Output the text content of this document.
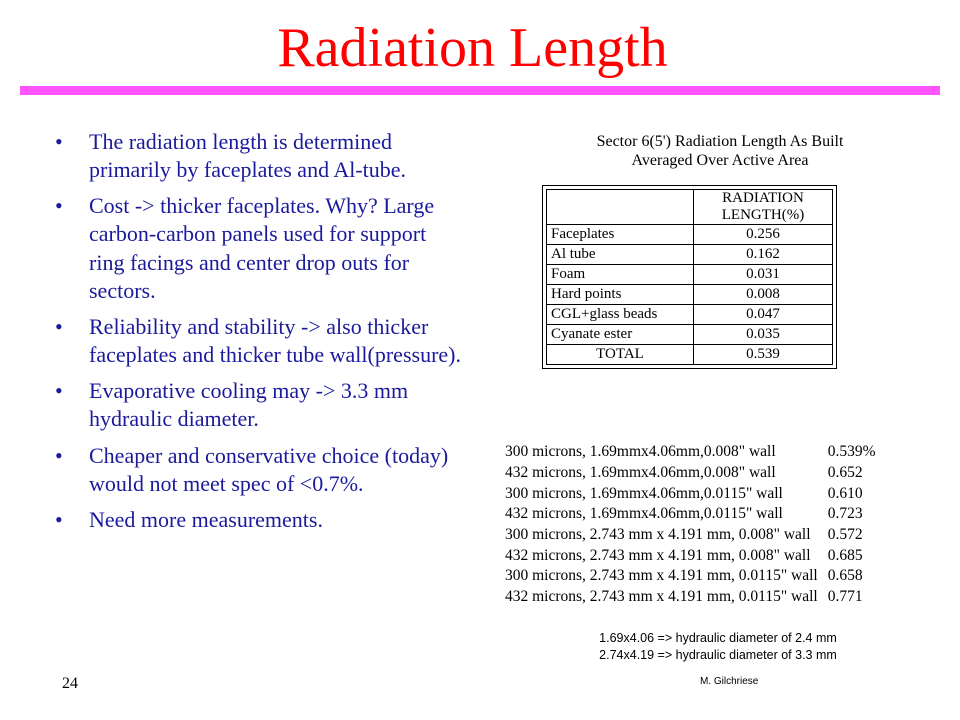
Radiation Length
• The radiation length is determined primarily by faceplates and Al-tube.
• Cost -> thicker faceplates. Why? Large carbon-carbon panels used for support ring facings and center drop outs for sectors.
• Reliability and stability -> also thicker faceplates and thicker tube wall(pressure).
• Evaporative cooling may -> 3.3 mm hydraulic diameter.
• Cheaper and conservative choice (today) would not meet spec of <0.7%.
• Need more measurements.
24
Sector 6(5') Radiation Length As Built
Averaged Over Active Area

	RADIATION
LENGTH(%)

Faceplates	0.256
Al tube	0.162
Foam	0.031
Hard points	0.008
CGL+glass beads	0.047
Cyanate ester	0.035
TOTAL	0.539
300 microns, 1.69mmx4.06mm,0.008" wall	0.539%
432 microns, 1.69mmx4.06mm,0.008" wall	0.652
300 microns, 1.69mmx4.06mm,0.0115" wall	0.610
432 microns, 1.69mmx4.06mm,0.0115" wall	0.723
300 microns, 2.743 mm x 4.191 mm, 0.008" wall	0.572
432 microns, 2.743 mm x 4.191 mm, 0.008" wall	0.685
300 microns, 2.743 mm x 4.191 mm, 0.0115" wall	0.658
432 microns, 2.743 mm x 4.191 mm, 0.0115" wall	0.771
1.69x4.06 => hydraulic diameter of 2.4 mm
2.74x4.19 => hydraulic diameter of 3.3 mm
M. Gilchriese
